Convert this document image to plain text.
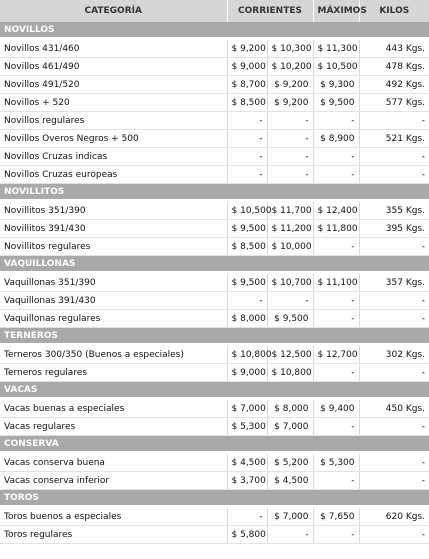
CATEGORÍA	CORRIENTES		MÁXIMOS	KILOS
NOVILLOS				

Novillos 431/460	$ 9,200	$ 10,300	$ 11,300	443 Kgs.
Novillos 461/490	$ 9,000	$ 10,200	$ 10,500	478 Kgs.
Novillos 491/520	$ 8,700	$ 9,200	$ 9,300	492 Kgs.
Novillos + 520	$ 8,500	$ 9,200	$ 9,500	577 Kgs.
Novillos regulares	-	-	-	-
Novillos Overos Negros + 500	-	-	$ 8,900	521 Kgs.
Novillos Cruzas indicas	-	-	-	-
Novillos Cruzas europeas	-	-	-	-
NOVILLITOS				

Novillitos 351/390	$ 10,500	$ 11,700	$ 12,400	355 Kgs.
Novillitos 391/430	$ 9,500	$ 11,200	$ 11,800	395 Kgs.
Novillitos regulares	$ 8,500	$ 10,000	-	-
VAQUILLONAS				

Vaquillonas 351/390	$ 9,500	$ 10,700	$ 11,100	357 Kgs.
Vaquillonas 391/430	-	-	-	-
Vaquillonas regulares	$ 8,000	$ 9,500	-	-
TERNEROS				

Terneros 300/350 (Buenos a especiales)	$ 10,800	$ 12,500	$ 12,700	302 Kgs.
Terneros regulares	$ 9,000	$ 10,800	-	-
VACAS				

Vacas buenas a especiales	$ 7,000	$ 8,000	$ 9,400	450 Kgs.
Vacas regulares	$ 5,300	$ 7,000	-	-
CONSERVA				

Vacas conserva buena	$ 4,500	$ 5,200	$ 5,300	-
Vacas conserva inferior	$ 3,700	$ 4,500	-	-
TOROS				

Toros buenos a especiales	-	$ 7,000	$ 7,650	620 Kgs.
Toros regulares	$ 5,800	-	-	-
